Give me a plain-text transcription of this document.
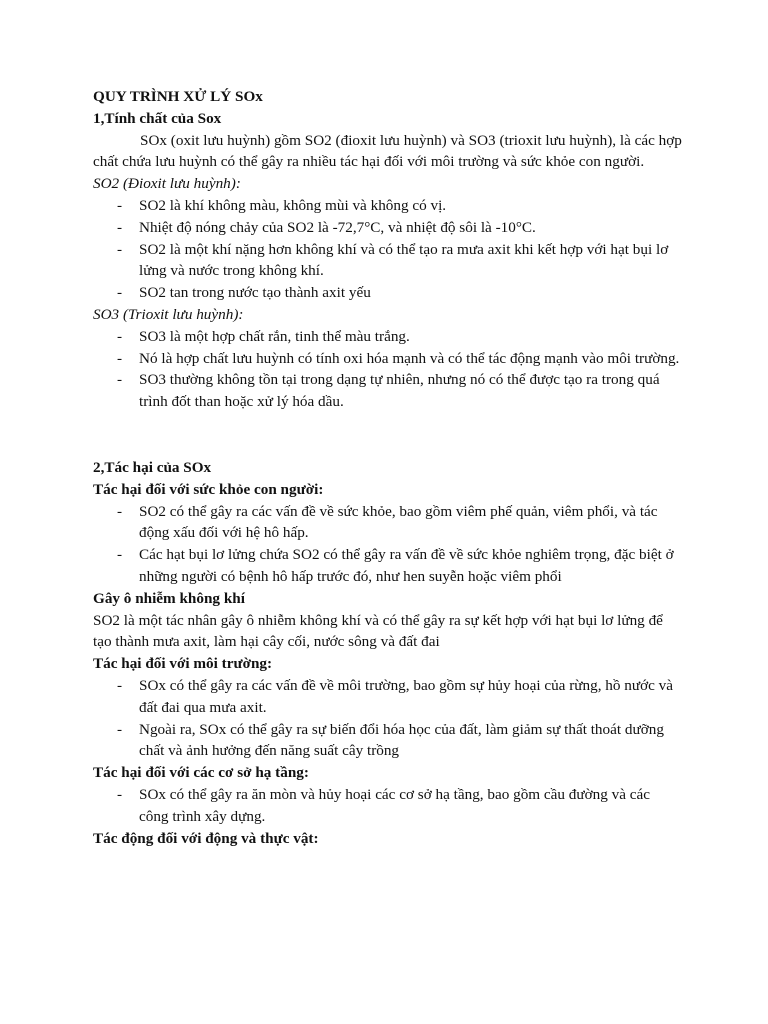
QUY TRÌNH XỬ LÝ SOx
1,Tính chất của Sox
SOx (oxit lưu huỳnh) gồm SO2 (đioxit lưu huỳnh) và SO3 (trioxit lưu huỳnh), là các hợp chất chứa lưu huỳnh có thể gây ra nhiều tác hại đối với môi trường và sức khỏe con người.
SO2 (Đioxit lưu huỳnh):
- SO2 là khí không màu, không mùi và không có vị.
- Nhiệt độ nóng chảy của SO2 là -72,7°C, và nhiệt độ sôi là -10°C.
- SO2 là một khí nặng hơn không khí và có thể tạo ra mưa axit khi kết hợp với hạt bụi lơ lửng và nước trong không khí.
- SO2 tan trong nước tạo thành axit yếu
SO3 (Trioxit lưu huỳnh):
- SO3 là một hợp chất rắn, tinh thể màu trắng.
- Nó là hợp chất lưu huỳnh có tính oxi hóa mạnh và có thể tác động mạnh vào môi trường.
- SO3 thường không tồn tại trong dạng tự nhiên, nhưng nó có thể được tạo ra trong quá trình đốt than hoặc xử lý hóa dầu.
2,Tác hại của SOx
Tác hại đối với sức khỏe con người:
- SO2 có thể gây ra các vấn đề về sức khỏe, bao gồm viêm phế quản, viêm phổi, và tác động xấu đối với hệ hô hấp.
- Các hạt bụi lơ lửng chứa SO2 có thể gây ra vấn đề về sức khỏe nghiêm trọng, đặc biệt ở những người có bệnh hô hấp trước đó, như hen suyễn hoặc viêm phổi
Gây ô nhiễm không khí
SO2 là một tác nhân gây ô nhiễm không khí và có thể gây ra sự kết hợp với hạt bụi lơ lửng để tạo thành mưa axit, làm hại cây cối, nước sông và đất đai
Tác hại đối với môi trường:
- SOx có thể gây ra các vấn đề về môi trường, bao gồm sự hủy hoại của rừng, hồ nước và đất đai qua mưa axit.
- Ngoài ra, SOx có thể gây ra sự biến đổi hóa học của đất, làm giảm sự thất thoát dưỡng chất và ảnh hưởng đến năng suất cây trồng
Tác hại đối với các cơ sở hạ tầng:
- SOx có thể gây ra ăn mòn và hủy hoại các cơ sở hạ tầng, bao gồm cầu đường và các công trình xây dựng.
Tác động đối với động và thực vật:
